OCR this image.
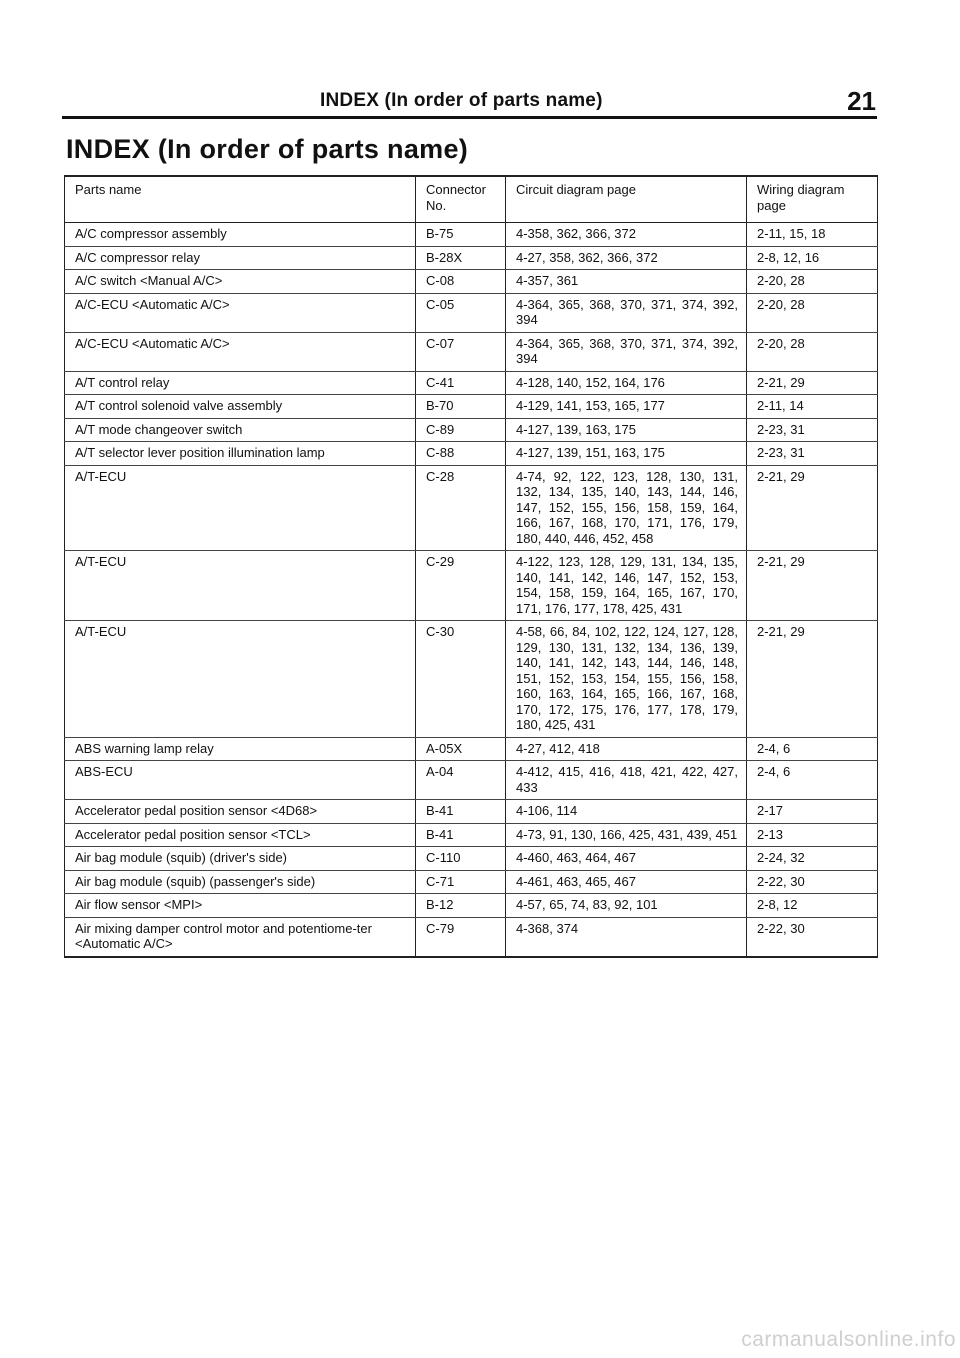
INDEX (In order of parts name)	21
INDEX (In order of parts name)
Parts name	Connector No.	Circuit diagram page	Wiring diagram page
A/C compressor assembly	B-75	4-358, 362, 366, 372	2-11, 15, 18
A/C compressor relay	B-28X	4-27, 358, 362, 366, 372	2-8, 12, 16
A/C switch <Manual A/C>	C-08	4-357, 361	2-20, 28
A/C-ECU <Automatic A/C>	C-05	4-364, 365, 368, 370, 371, 374, 392, 394	2-20, 28
A/C-ECU <Automatic A/C>	C-07	4-364, 365, 368, 370, 371, 374, 392, 394	2-20, 28
A/T control relay	C-41	4-128, 140, 152, 164, 176	2-21, 29
A/T control solenoid valve assembly	B-70	4-129, 141, 153, 165, 177	2-11, 14
A/T mode changeover switch	C-89	4-127, 139, 163, 175	2-23, 31
A/T selector lever position illumination lamp	C-88	4-127, 139, 151, 163, 175	2-23, 31
A/T-ECU	C-28	4-74, 92, 122, 123, 128, 130, 131, 132, 134, 135, 140, 143, 144, 146, 147, 152, 155, 156, 158, 159, 164, 166, 167, 168, 170, 171, 176, 179, 180, 440, 446, 452, 458	2-21, 29
A/T-ECU	C-29	4-122, 123, 128, 129, 131, 134, 135, 140, 141, 142, 146, 147, 152, 153, 154, 158, 159, 164, 165, 167, 170, 171, 176, 177, 178, 425, 431	2-21, 29
A/T-ECU	C-30	4-58, 66, 84, 102, 122, 124, 127, 128, 129, 130, 131, 132, 134, 136, 139, 140, 141, 142, 143, 144, 146, 148, 151, 152, 153, 154, 155, 156, 158, 160, 163, 164, 165, 166, 167, 168, 170, 172, 175, 176, 177, 178, 179, 180, 425, 431	2-21, 29
ABS warning lamp relay	A-05X	4-27, 412, 418	2-4, 6
ABS-ECU	A-04	4-412, 415, 416, 418, 421, 422, 427, 433	2-4, 6
Accelerator pedal position sensor <4D68>	B-41	4-106, 114	2-17
Accelerator pedal position sensor <TCL>	B-41	4-73, 91, 130, 166, 425, 431, 439, 451	2-13
Air bag module (squib) (driver's side)	C-110	4-460, 463, 464, 467	2-24, 32
Air bag module (squib) (passenger's side)	C-71	4-461, 463, 465, 467	2-22, 30
Air flow sensor <MPI>	B-12	4-57, 65, 74, 83, 92, 101	2-8, 12
Air mixing damper control motor and potentiome-ter <Automatic A/C>	C-79	4-368, 374	2-22, 30
carmanualsonline.info
